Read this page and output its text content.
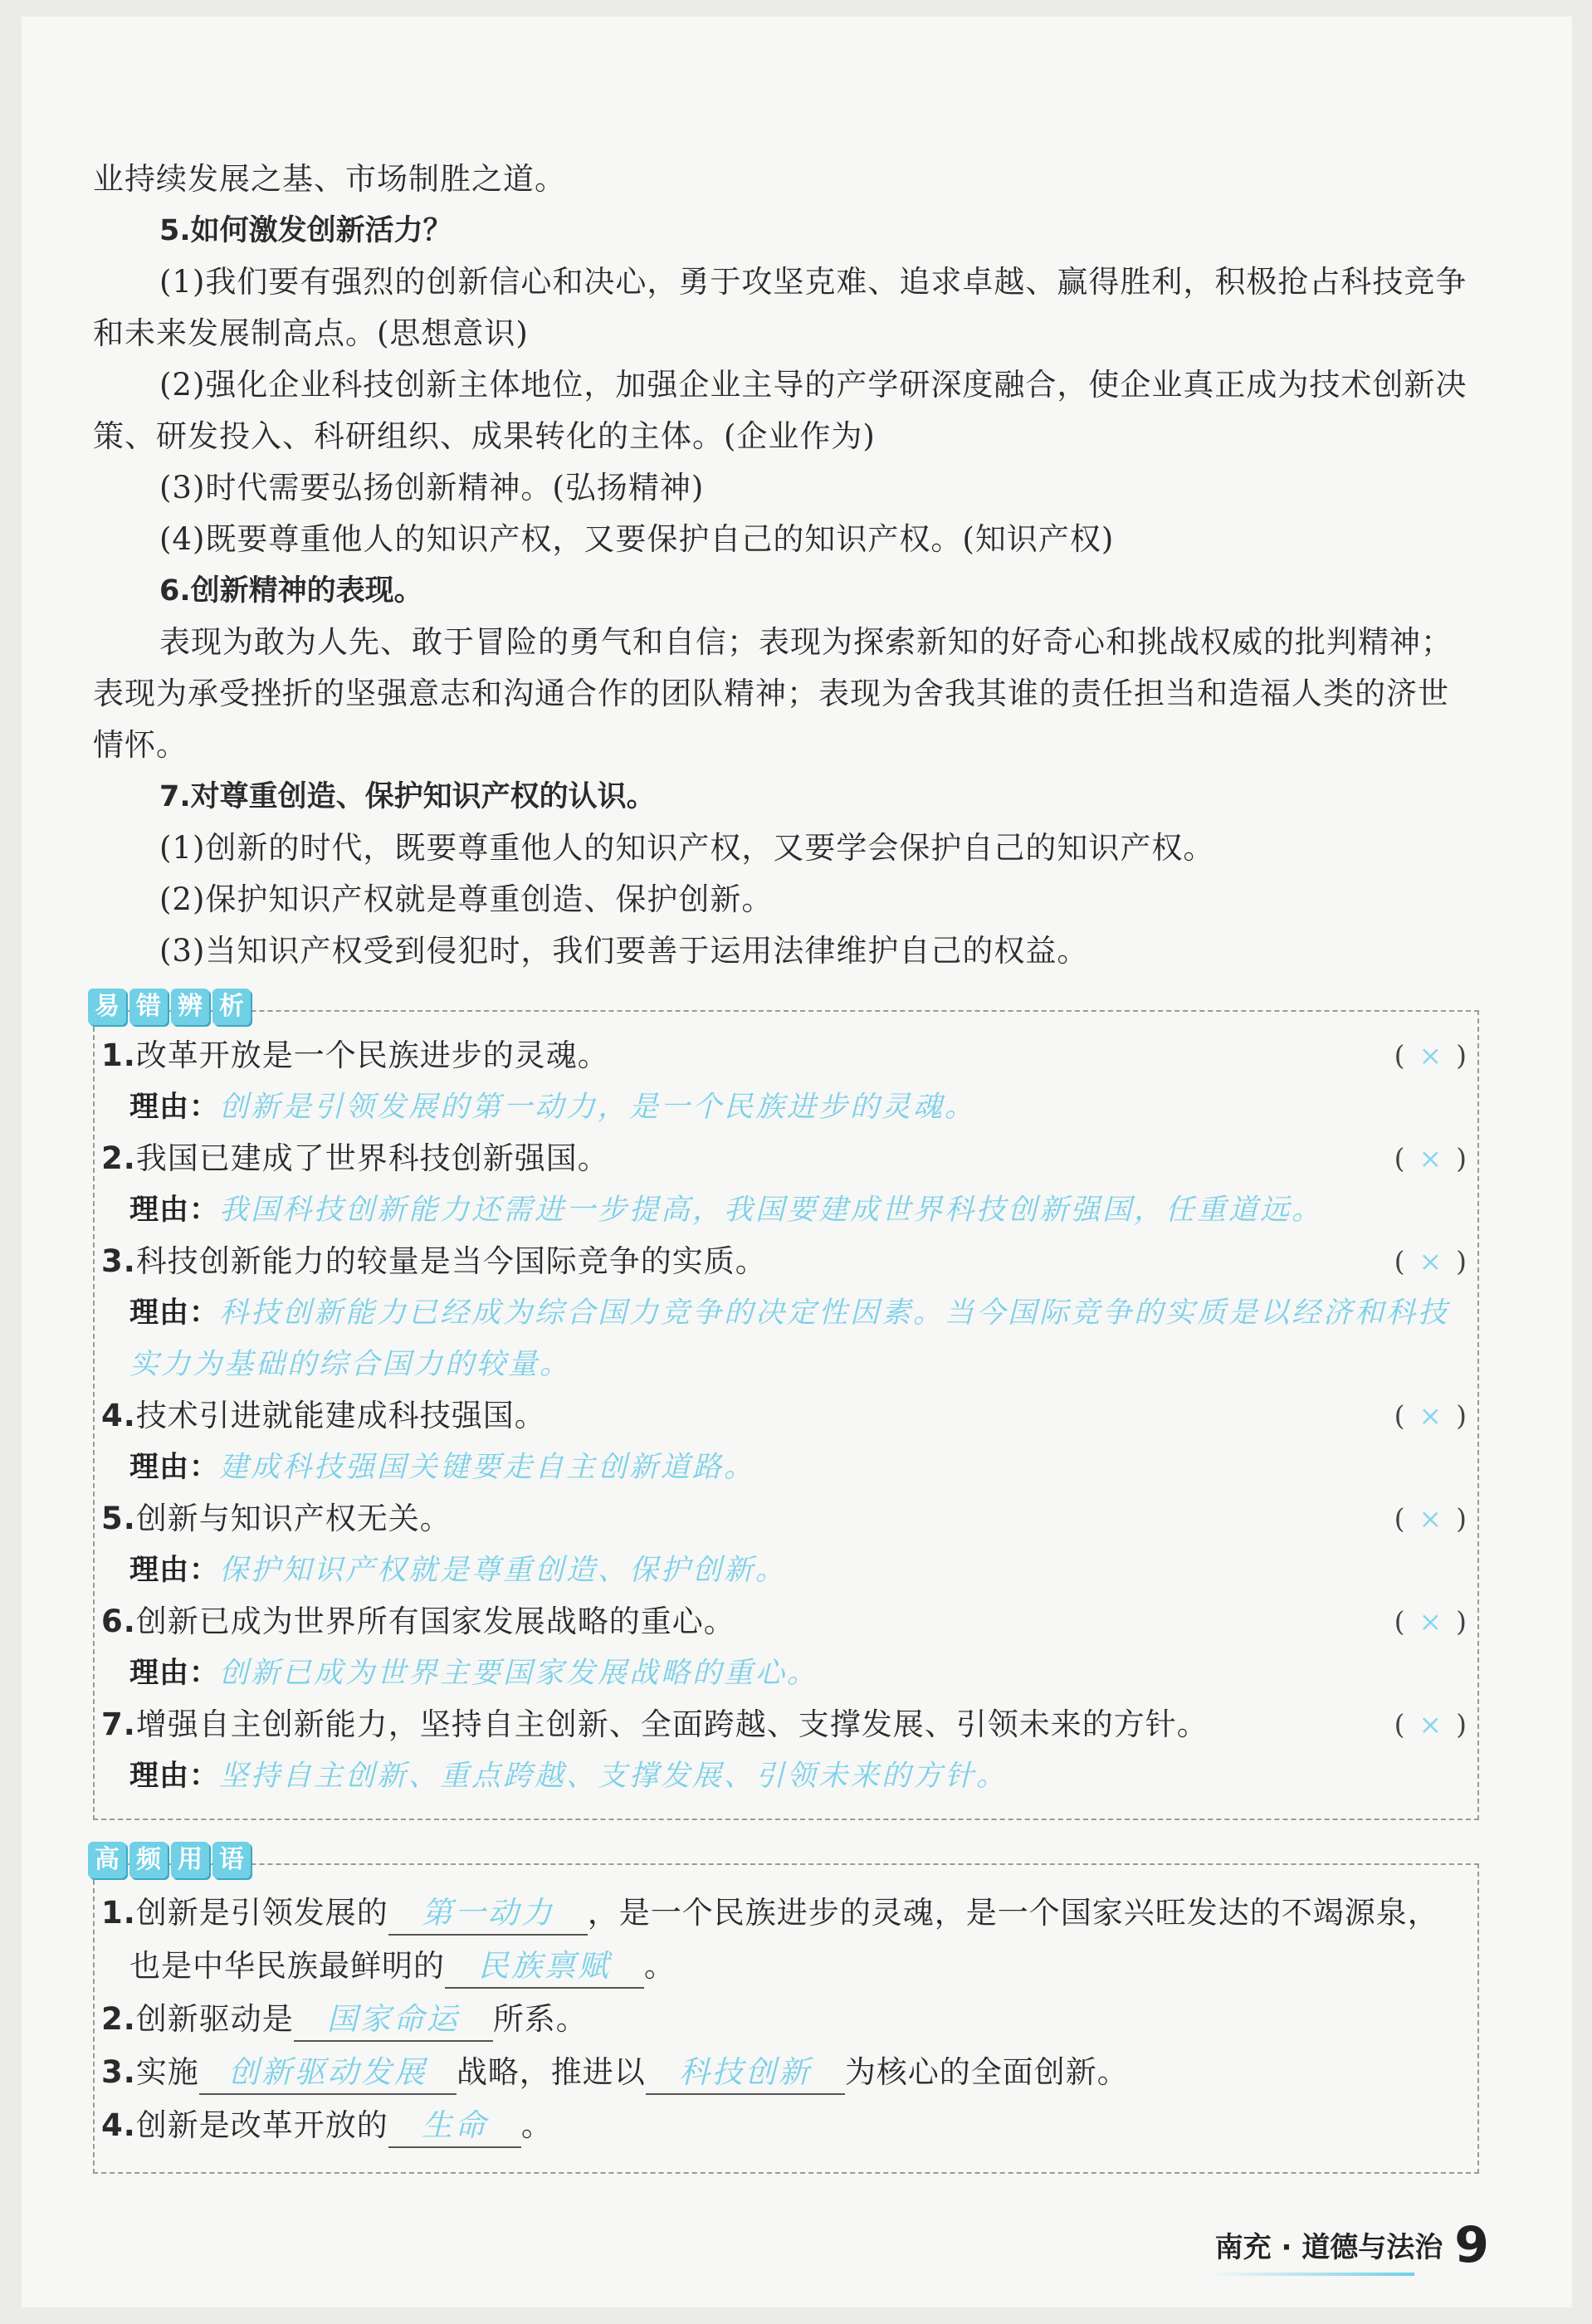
业持续发展之基、市场制胜之道。
5.如何激发创新活力？
(1)我们要有强烈的创新信心和决心，勇于攻坚克难、追求卓越、赢得胜利，积极抢占科技竞争和未来发展制高点。(思想意识)
(2)强化企业科技创新主体地位，加强企业主导的产学研深度融合，使企业真正成为技术创新决策、研发投入、科研组织、成果转化的主体。(企业作为)
(3)时代需要弘扬创新精神。(弘扬精神)
(4)既要尊重他人的知识产权，又要保护自己的知识产权。(知识产权)
6.创新精神的表现。
表现为敢为人先、敢于冒险的勇气和自信；表现为探索新知的好奇心和挑战权威的批判精神；表现为承受挫折的坚强意志和沟通合作的团队精神；表现为舍我其谁的责任担当和造福人类的济世情怀。
7.对尊重创造、保护知识产权的认识。
(1)创新的时代，既要尊重他人的知识产权，又要学会保护自己的知识产权。
(2)保护知识产权就是尊重创造、保护创新。
(3)当知识产权受到侵犯时，我们要善于运用法律维护自己的权益。
易 错 辨 析
1.改革开放是一个民族进步的灵魂。	( × )
理由：创新是引领发展的第一动力，是一个民族进步的灵魂。
2.我国已建成了世界科技创新强国。	( × )
理由：我国科技创新能力还需进一步提高，我国要建成世界科技创新强国，任重道远。
3.科技创新能力的较量是当今国际竞争的实质。	( × )
理由：科技创新能力已经成为综合国力竞争的决定性因素。当今国际竞争的实质是以经济和科技实力为基础的综合国力的较量。
4.技术引进就能建成科技强国。	( × )
理由：建成科技强国关键要走自主创新道路。
5.创新与知识产权无关。	( × )
理由：保护知识产权就是尊重创造、保护创新。
6.创新已成为世界所有国家发展战略的重心。	( × )
理由：创新已成为世界主要国家发展战略的重心。
7.增强自主创新能力，坚持自主创新、全面跨越、支撑发展、引领未来的方针。	( × )
理由：坚持自主创新、重点跨越、支撑发展、引领未来的方针。
高 频 用 语
1.创新是引领发展的 第一动力 ，是一个民族进步的灵魂，是一个国家兴旺发达的不竭源泉，
也是中华民族最鲜明的 民族禀赋 。
2.创新驱动是 国家命运 所系。
3.实施 创新驱动发展 战略，推进以 科技创新 为核心的全面创新。
4.创新是改革开放的 生命 。
南充 · 道德与法治 9
